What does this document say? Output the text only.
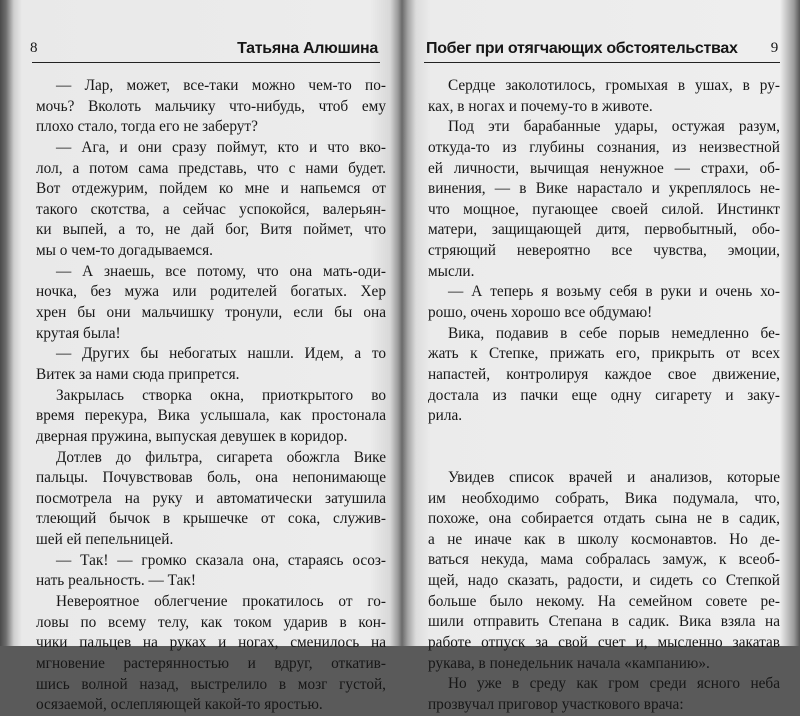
8	Татьяна Алюшина
— Лар, может, все-таки можно чем-то по-
мочь? Вколоть мальчику что-нибудь, чтоб ему
плохо стало, тогда его не заберут?
— Ага, и они сразу поймут, кто и что вко-
лол, а потом сама представь, что с нами будет.
Вот отдежурим, пойдем ко мне и напьемся от
такого скотства, а сейчас успокойся, валерьян-
ки выпей, а то, не дай бог, Витя поймет, что
мы о чем-то догадываемся.
— А знаешь, все потому, что она мать-оди-
ночка, без мужа или родителей богатых. Хер
хрен бы они мальчишку тронули, если бы она
крутая была!
— Других бы небогатых нашли. Идем, а то
Витек за нами сюда припрется.
Закрылась створка окна, приоткрытого во
время перекура, Вика услышала, как простонала
дверная пружина, выпуская девушек в коридор.
Дотлев до фильтра, сигарета обожгла Вике
пальцы. Почувствовав боль, она непонимающе
посмотрела на руку и автоматически затушила
тлеющий бычок в крышечке от сока, служив-
шей ей пепельницей.
— Так! — громко сказала она, стараясь осоз-
нать реальность. — Так!
Невероятное облегчение прокатилось от го-
ловы по всему телу, как током ударив в кон-
чики пальцев на руках и ногах, сменилось на
мгновение растерянностью и вдруг, откатив-
шись волной назад, выстрелило в мозг густой,
осязаемой, ослепляющей какой-то яростью.
Побег при отягчающих обстоятельствах 9
Сердце заколотилось, громыхая в ушах, в ру-
ках, в ногах и почему-то в животе.
Под эти барабанные удары, остужая разум,
откуда-то из глубины сознания, из неизвестной
ей личности, вычищая ненужное — страхи, об-
винения, — в Вике нарастало и укреплялось не-
что мощное, пугающее своей силой. Инстинкт
матери, защищающей дитя, первобытный, обо-
стряющий невероятно все чувства, эмоции,
мысли.
— А теперь я возьму себя в руки и очень хо-
рошо, очень хорошо все обдумаю!
Вика, подавив в себе порыв немедленно бе-
жать к Степке, прижать его, прикрыть от всех
напастей, контролируя каждое свое движение,
достала из пачки еще одну сигарету и заку-
рила.
Увидев список врачей и анализов, которые
им необходимо собрать, Вика подумала, что,
похоже, она собирается отдать сына не в садик,
а не иначе как в школу космонавтов. Но де-
ваться некуда, мама собралась замуж, к всеоб-
щей, надо сказать, радости, и сидеть со Степкой
больше было некому. На семейном совете ре-
шили отправить Степана в садик. Вика взяла на
работе отпуск за свой счет и, мысленно закатав
рукава, в понедельник начала «кампанию».
Но уже в среду как гром среди ясного неба
прозвучал приговор участкового врача:
